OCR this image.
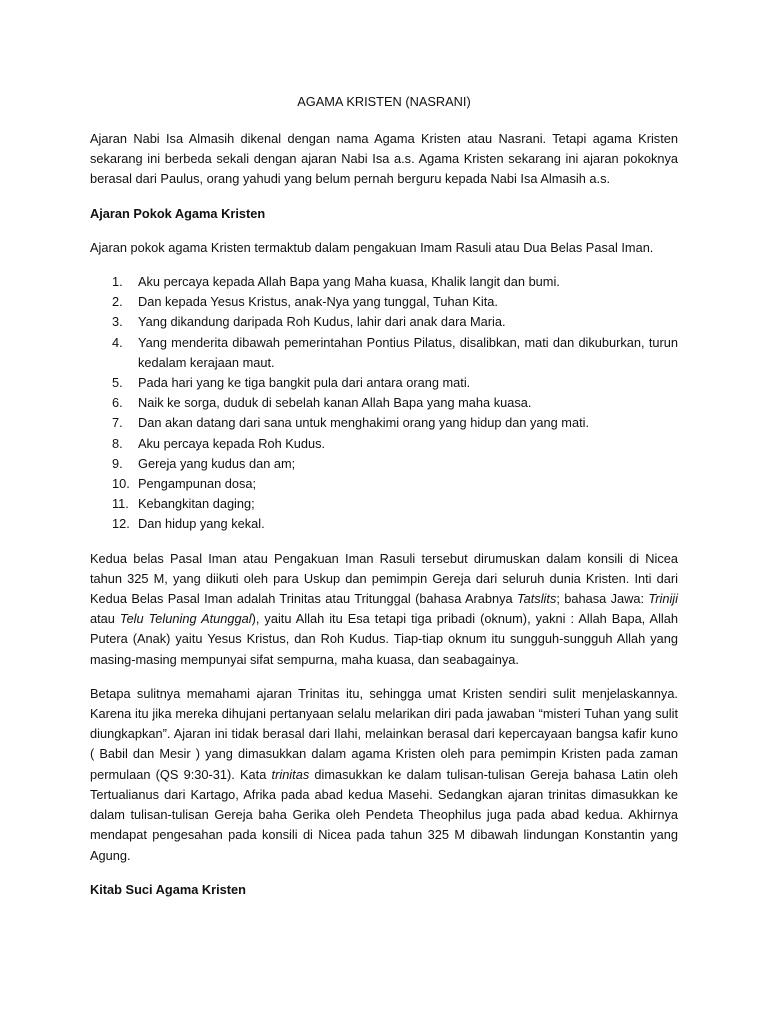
AGAMA KRISTEN (NASRANI)

Ajaran Nabi Isa Almasih dikenal dengan nama Agama Kristen atau Nasrani. Tetapi agama Kristen sekarang ini berbeda sekali dengan ajaran Nabi Isa a.s. Agama Kristen sekarang ini ajaran pokoknya berasal dari Paulus, orang yahudi yang belum pernah berguru kepada Nabi Isa Almasih a.s.

Ajaran Pokok Agama Kristen

Ajaran pokok agama Kristen termaktub dalam pengakuan Imam Rasuli atau Dua Belas Pasal Iman.

1.	Aku percaya kepada Allah Bapa yang Maha kuasa, Khalik langit dan bumi.
2.	Dan kepada Yesus Kristus, anak-Nya yang tunggal, Tuhan Kita.
3.	Yang dikandung daripada Roh Kudus, lahir dari anak dara Maria.
4.	Yang menderita dibawah pemerintahan Pontius Pilatus, disalibkan, mati dan dikuburkan, turun kedalam kerajaan maut.
5.	Pada hari yang ke tiga bangkit pula dari antara orang mati.
6.	Naik ke sorga, duduk di sebelah kanan Allah Bapa yang maha kuasa.
7.	Dan akan datang dari sana untuk menghakimi orang yang hidup dan yang mati.
8.	Aku percaya kepada Roh Kudus.
9.	Gereja yang kudus dan am;
10. Pengampunan dosa;
11. Kebangkitan daging;
12. Dan hidup yang kekal.

Kedua belas Pasal Iman atau Pengakuan Iman Rasuli tersebut dirumuskan dalam konsili di Nicea tahun 325 M, yang diikuti oleh para Uskup dan pemimpin Gereja dari seluruh dunia Kristen. Inti dari Kedua Belas Pasal Iman adalah Trinitas atau Tritunggal (bahasa Arabnya Tatslits; bahasa Jawa: Triniji atau Telu Teluning Atunggal), yaitu Allah itu Esa tetapi tiga pribadi (oknum), yakni : Allah Bapa, Allah Putera (Anak) yaitu Yesus Kristus, dan Roh Kudus. Tiap-tiap oknum itu sungguh-sungguh Allah yang masing-masing mempunyai sifat sempurna, maha kuasa, dan seabagainya.

Betapa sulitnya memahami ajaran Trinitas itu, sehingga umat Kristen sendiri sulit menjelaskannya. Karena itu jika mereka dihujani pertanyaan selalu melarikan diri pada jawaban “misteri Tuhan yang sulit diungkapkan”. Ajaran ini tidak berasal dari Ilahi, melainkan berasal dari kepercayaan bangsa kafir kuno ( Babil dan Mesir ) yang dimasukkan dalam agama Kristen oleh para pemimpin Kristen pada zaman permulaan (QS 9:30-31). Kata trinitas dimasukkan ke dalam tulisan-tulisan Gereja bahasa Latin oleh Tertualianus dari Kartago, Afrika pada abad kedua Masehi. Sedangkan ajaran trinitas dimasukkan ke dalam tulisan-tulisan Gereja baha Gerika oleh Pendeta Theophilus juga pada abad kedua. Akhirnya mendapat pengesahan pada konsili di Nicea pada tahun 325 M dibawah lindungan Konstantin yang Agung.

Kitab Suci Agama Kristen
